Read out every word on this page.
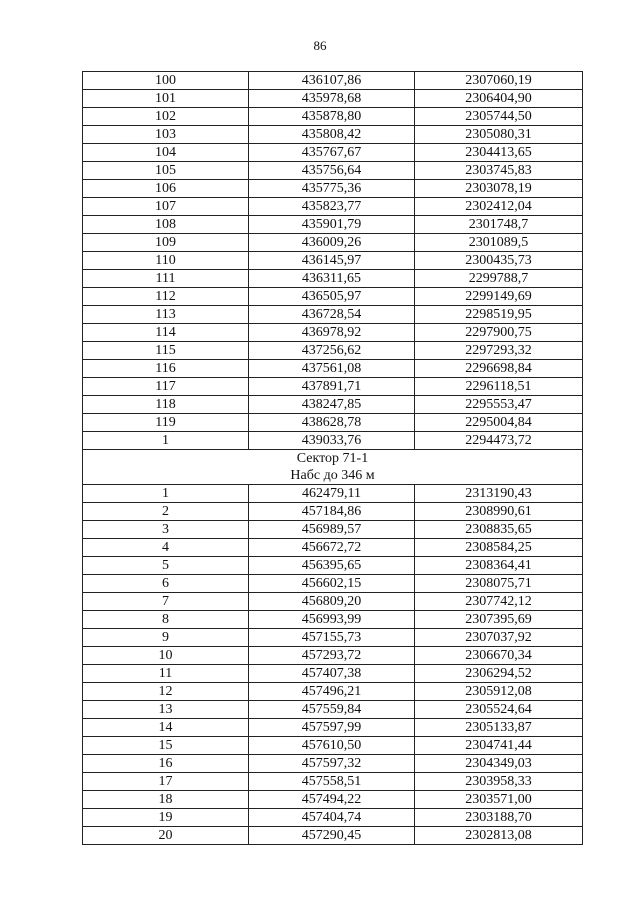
86
100	436107,86	2307060,19
101	435978,68	2306404,90
102	435878,80	2305744,50
103	435808,42	2305080,31
104	435767,67	2304413,65
105	435756,64	2303745,83
106	435775,36	2303078,19
107	435823,77	2302412,04
108	435901,79	2301748,7
109	436009,26	2301089,5
110	436145,97	2300435,73
111	436311,65	2299788,7
112	436505,97	2299149,69
113	436728,54	2298519,95
114	436978,92	2297900,75
115	437256,62	2297293,32
116	437561,08	2296698,84
117	437891,71	2296118,51
118	438247,85	2295553,47
119	438628,78	2295004,84
1	439033,76	2294473,72

Сектор 71-1
Набс до 346 м		

1	462479,11	2313190,43
2	457184,86	2308990,61
3	456989,57	2308835,65
4	456672,72	2308584,25
5	456395,65	2308364,41
6	456602,15	2308075,71
7	456809,20	2307742,12
8	456993,99	2307395,69
9	457155,73	2307037,92
10	457293,72	2306670,34
11	457407,38	2306294,52
12	457496,21	2305912,08
13	457559,84	2305524,64
14	457597,99	2305133,87
15	457610,50	2304741,44
16	457597,32	2304349,03
17	457558,51	2303958,33
18	457494,22	2303571,00
19	457404,74	2303188,70
20	457290,45	2302813,08
